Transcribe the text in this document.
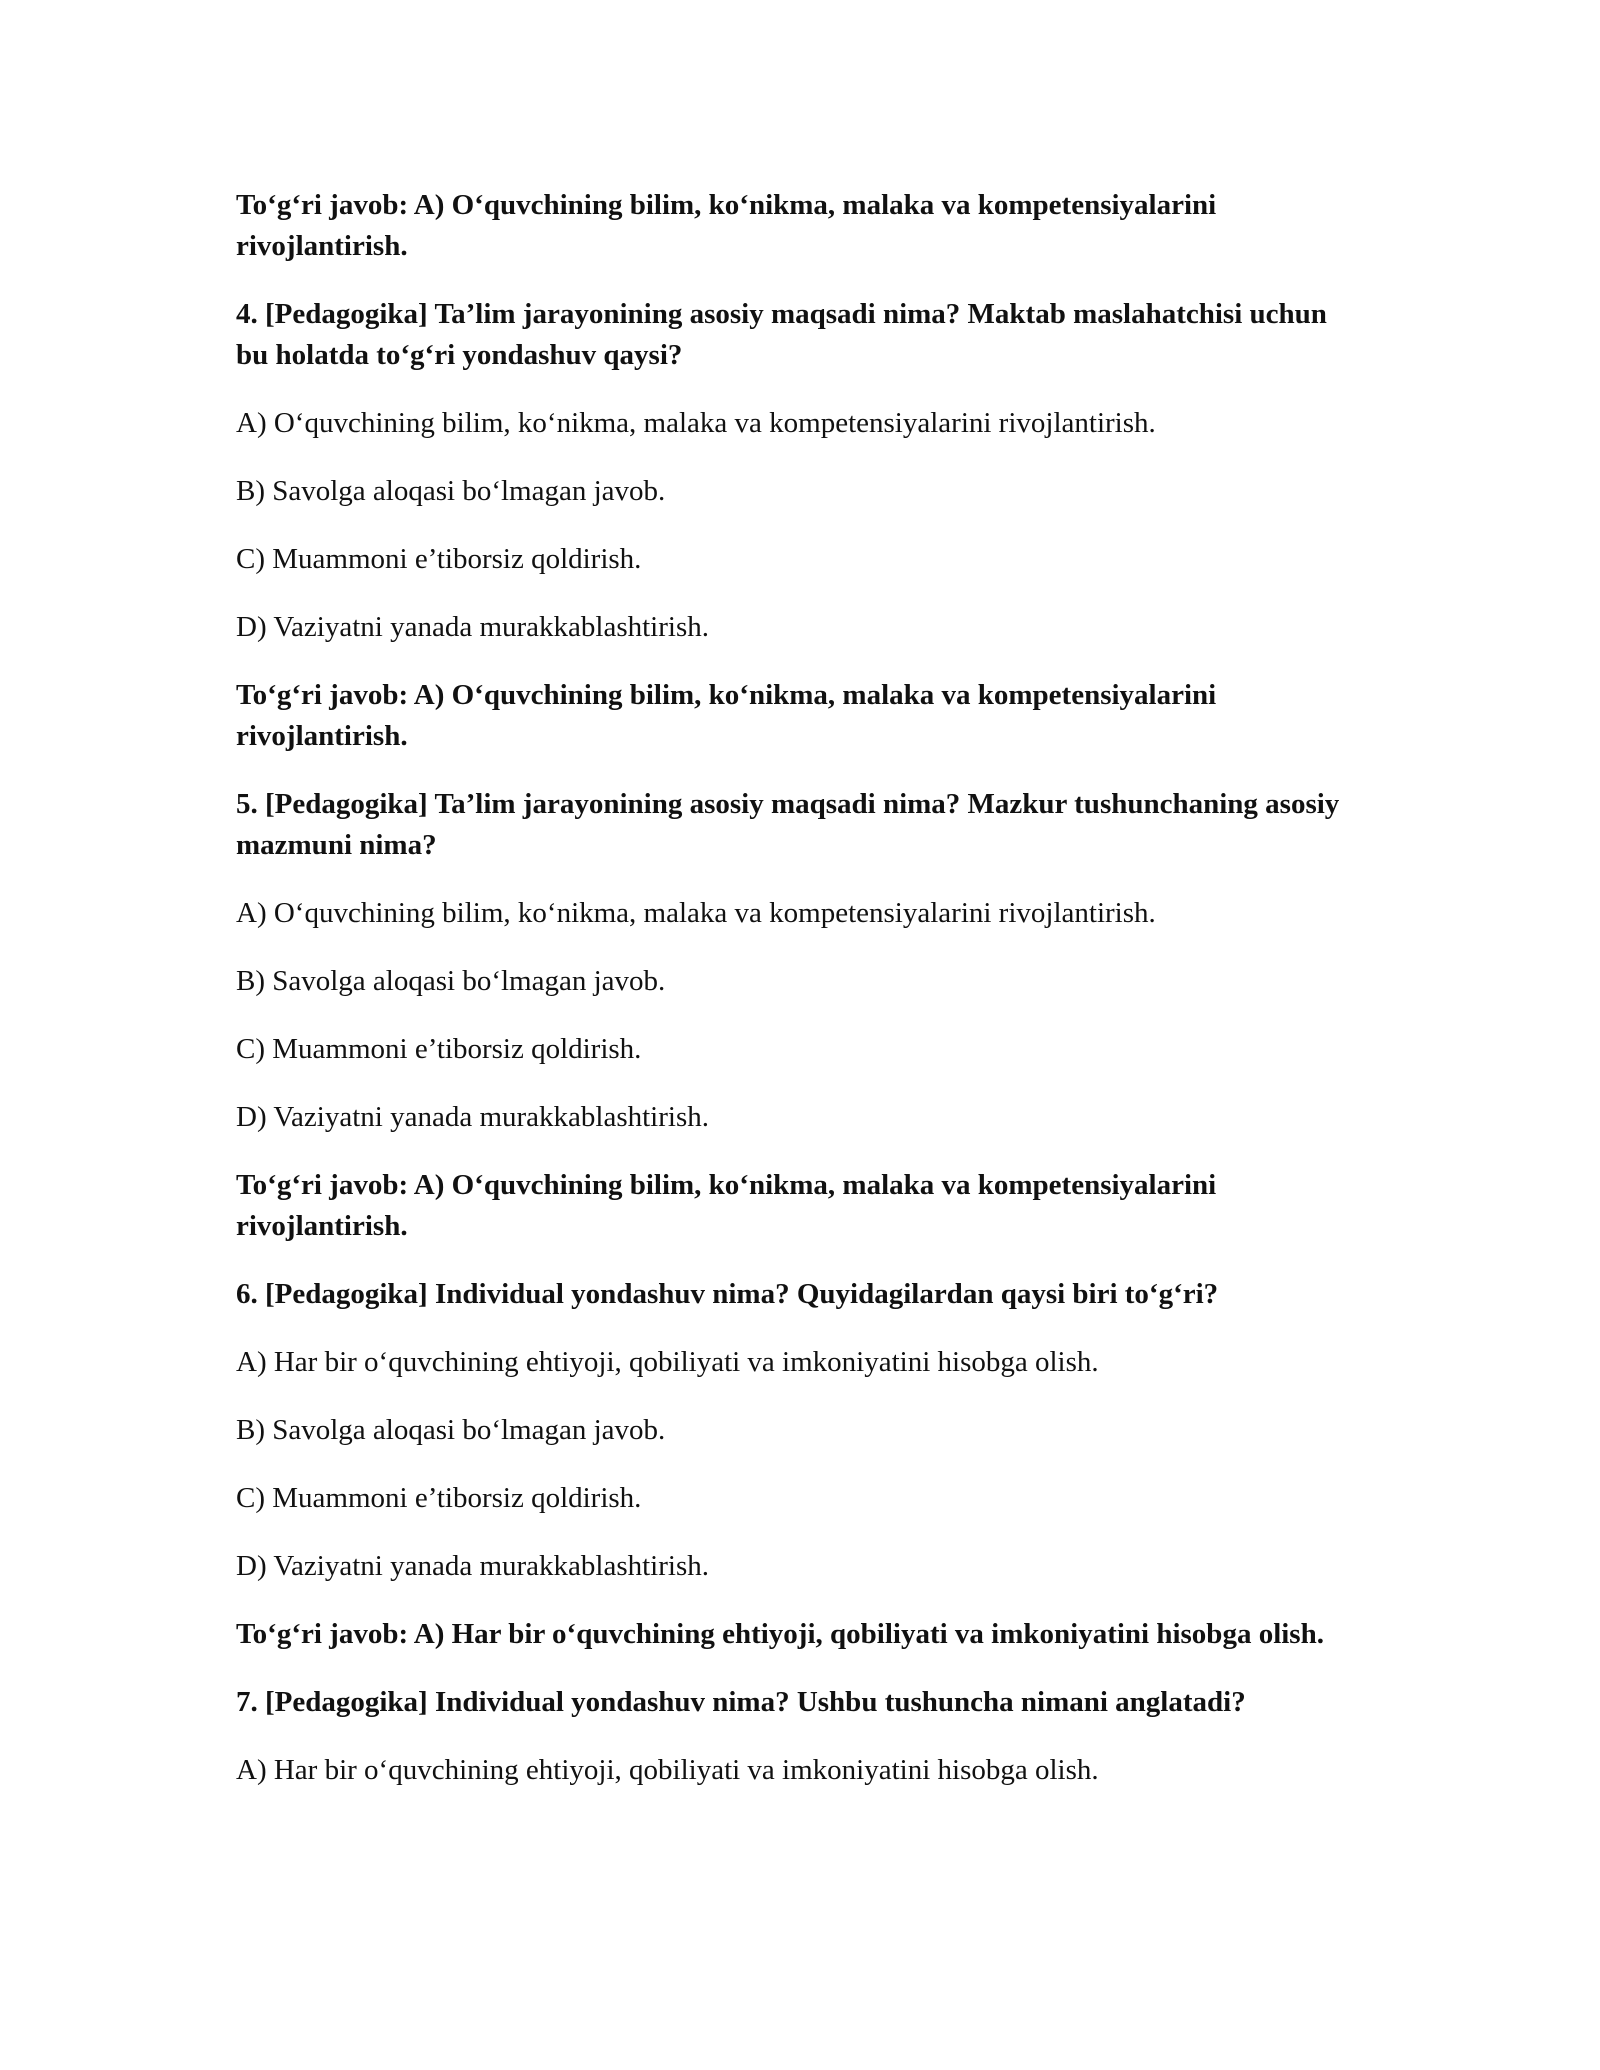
To‘g‘ri javob: A) O‘quvchining bilim, ko‘nikma, malaka va kompetensiyalarini rivojlantirish.

4. [Pedagogika] Ta’lim jarayonining asosiy maqsadi nima? Maktab maslahatchisi uchun bu holatda to‘g‘ri yondashuv qaysi?

A) O‘quvchining bilim, ko‘nikma, malaka va kompetensiyalarini rivojlantirish.

B) Savolga aloqasi bo‘lmagan javob.

C) Muammoni e’tiborsiz qoldirish.

D) Vaziyatni yanada murakkablashtirish.

To‘g‘ri javob: A) O‘quvchining bilim, ko‘nikma, malaka va kompetensiyalarini rivojlantirish.

5. [Pedagogika] Ta’lim jarayonining asosiy maqsadi nima? Mazkur tushunchaning asosiy mazmuni nima?

A) O‘quvchining bilim, ko‘nikma, malaka va kompetensiyalarini rivojlantirish.

B) Savolga aloqasi bo‘lmagan javob.

C) Muammoni e’tiborsiz qoldirish.

D) Vaziyatni yanada murakkablashtirish.

To‘g‘ri javob: A) O‘quvchining bilim, ko‘nikma, malaka va kompetensiyalarini rivojlantirish.

6. [Pedagogika] Individual yondashuv nima? Quyidagilardan qaysi biri to‘g‘ri?

A) Har bir o‘quvchining ehtiyoji, qobiliyati va imkoniyatini hisobga olish.

B) Savolga aloqasi bo‘lmagan javob.

C) Muammoni e’tiborsiz qoldirish.

D) Vaziyatni yanada murakkablashtirish.

To‘g‘ri javob: A) Har bir o‘quvchining ehtiyoji, qobiliyati va imkoniyatini hisobga olish.

7. [Pedagogika] Individual yondashuv nima? Ushbu tushuncha nimani anglatadi?

A) Har bir o‘quvchining ehtiyoji, qobiliyati va imkoniyatini hisobga olish.
